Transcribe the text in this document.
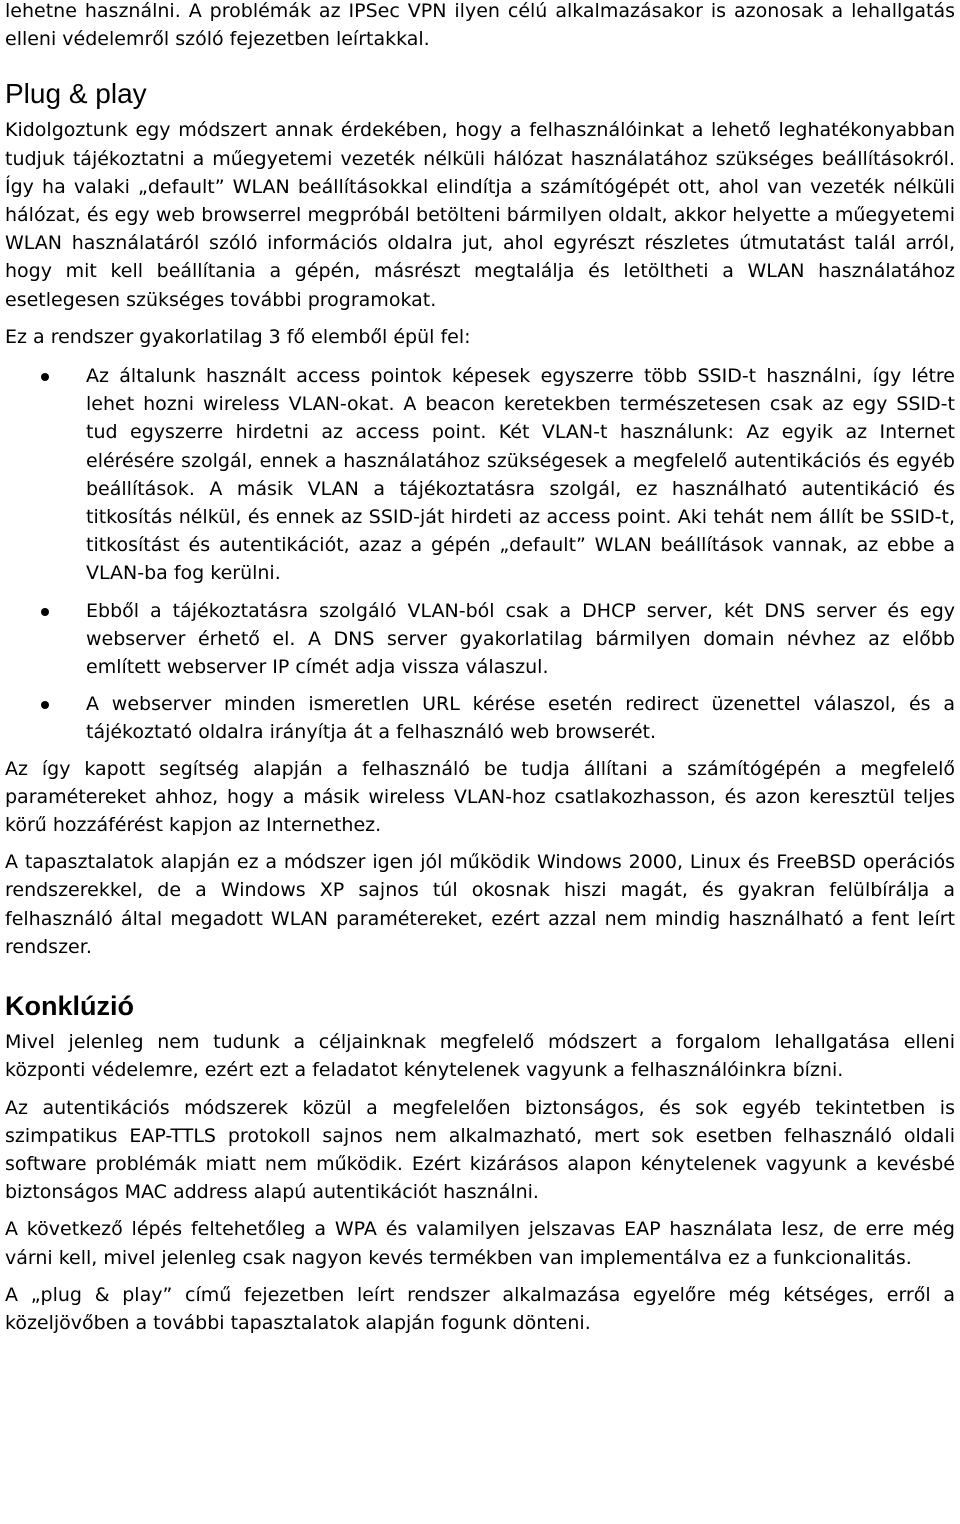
lehetne használni. A problémák az IPSec VPN ilyen célú alkalmazásakor is azonosak a lehallgatás elleni védelemről szóló fejezetben leírtakkal.

Plug & play

Kidolgoztunk egy módszert annak érdekében, hogy a felhasználóinkat a lehető leghatékonyabban tudjuk tájékoztatni a műegyetemi vezeték nélküli hálózat használatához szükséges beállításokról. Így ha valaki „default” WLAN beállításokkal elindítja a számítógépét ott, ahol van vezeték nélküli hálózat, és egy web browserrel megpróbál betölteni bármilyen oldalt, akkor helyette a műegyetemi WLAN használatáról szóló információs oldalra jut, ahol egyrészt részletes útmutatást talál arról, hogy mit kell beállítania a gépén, másrészt megtalálja és letöltheti a WLAN használatához esetlegesen szükséges további programokat.

Ez a rendszer gyakorlatilag 3 fő elemből épül fel:

Az általunk használt access pointok képesek egyszerre több SSID-t használni, így létre lehet hozni wireless VLAN-okat. A beacon keretekben természetesen csak az egy SSID-t tud egyszerre hirdetni az access point. Két VLAN-t használunk: Az egyik az Internet elérésére szolgál, ennek a használatához szükségesek a megfelelő autentikációs és egyéb beállítások. A másik VLAN a tájékoztatásra szolgál, ez használható autentikáció és titkosítás nélkül, és ennek az SSID-ját hirdeti az access point. Aki tehát nem állít be SSID-t, titkosítást és autentikációt, azaz a gépén „default” WLAN beállítások vannak, az ebbe a VLAN-ba fog kerülni.
Ebből a tájékoztatásra szolgáló VLAN-ból csak a DHCP server, két DNS server és egy webserver érhető el. A DNS server gyakorlatilag bármilyen domain névhez az előbb említett webserver IP címét adja vissza válaszul.
A webserver minden ismeretlen URL kérése esetén redirect üzenettel válaszol, és a tájékoztató oldalra irányítja át a felhasználó web browserét.

Az így kapott segítség alapján a felhasználó be tudja állítani a számítógépén a megfelelő paramétereket ahhoz, hogy a másik wireless VLAN-hoz csatlakozhasson, és azon keresztül teljes körű hozzáférést kapjon az Internethez.

A tapasztalatok alapján ez a módszer igen jól működik Windows 2000, Linux és FreeBSD operációs rendszerekkel, de a Windows XP sajnos túl okosnak hiszi magát, és gyakran felülbírálja a felhasználó által megadott WLAN paramétereket, ezért azzal nem mindig használható a fent leírt rendszer.

Konklúzió

Mivel jelenleg nem tudunk a céljainknak megfelelő módszert a forgalom lehallgatása elleni központi védelemre, ezért ezt a feladatot kénytelenek vagyunk a felhasználóinkra bízni.

Az autentikációs módszerek közül a megfelelően biztonságos, és sok egyéb tekintetben is szimpatikus EAP-TTLS protokoll sajnos nem alkalmazható, mert sok esetben felhasználó oldali software problémák miatt nem működik. Ezért kizárásos alapon kénytelenek vagyunk a kevésbé biztonságos MAC address alapú autentikációt használni.

A következő lépés feltehetőleg a WPA és valamilyen jelszavas EAP használata lesz, de erre még várni kell, mivel jelenleg csak nagyon kevés termékben van implementálva ez a funkcionalitás.

A „plug & play” című fejezetben leírt rendszer alkalmazása egyelőre még kétséges, erről a közeljövőben a további tapasztalatok alapján fogunk dönteni.
